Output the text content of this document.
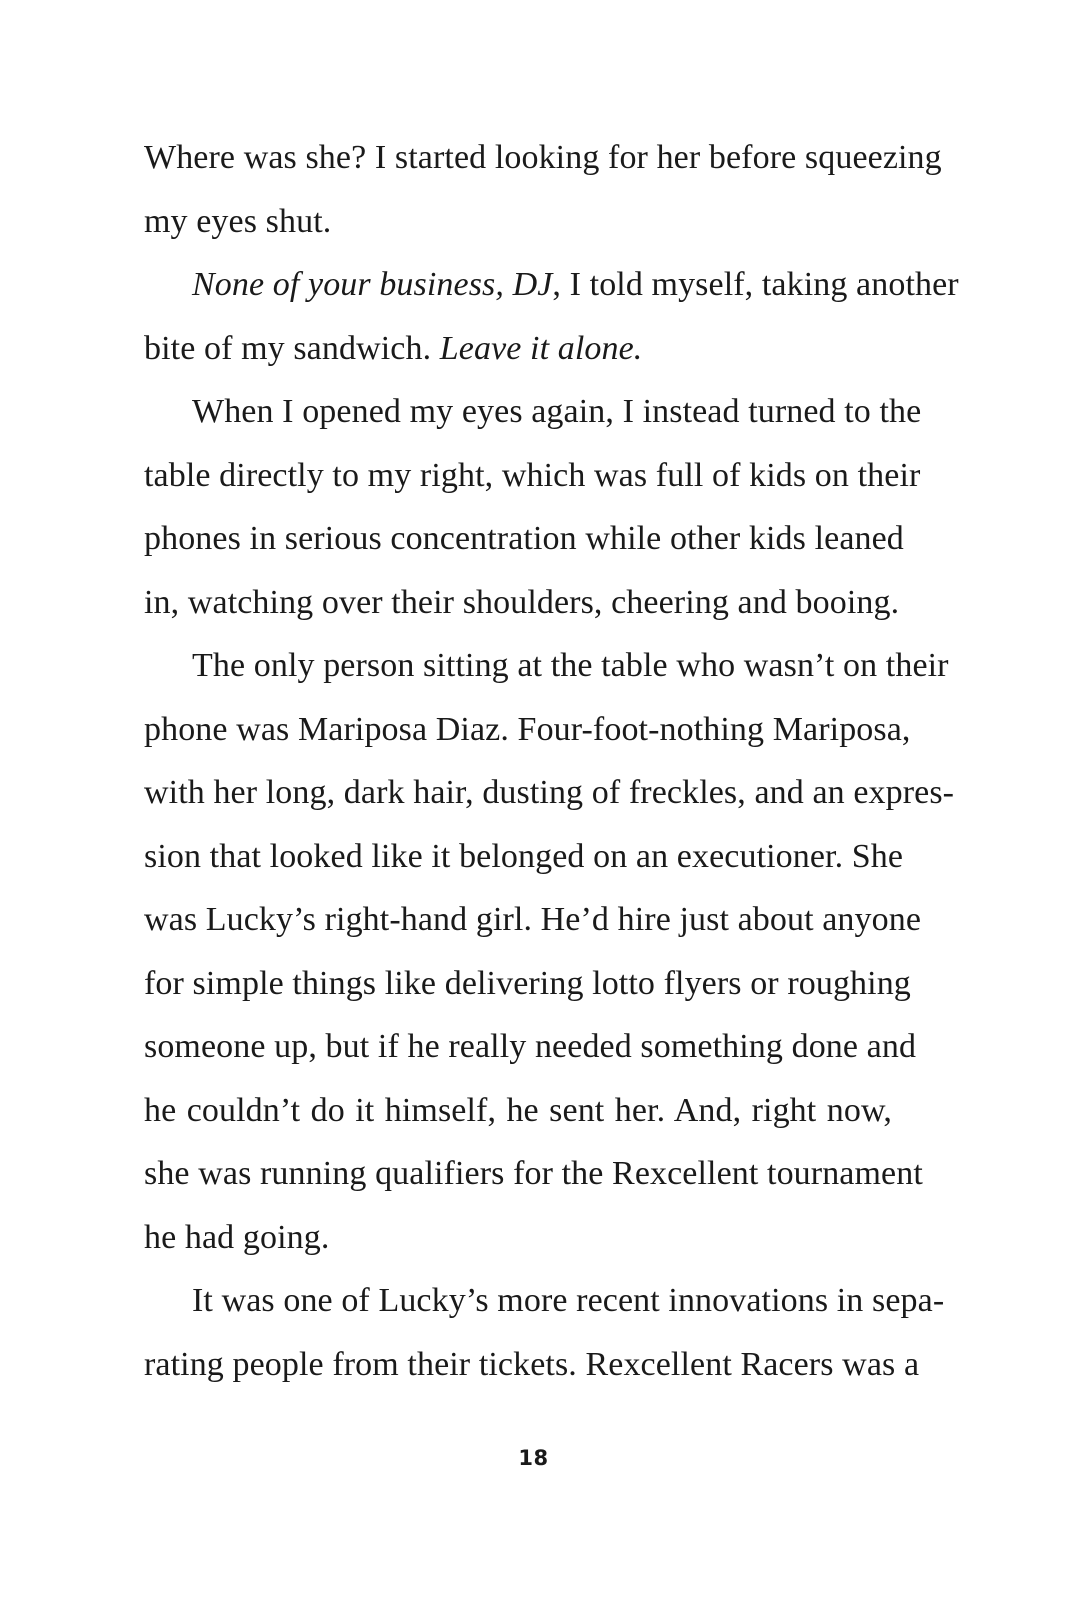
Where was she? I started looking for her before squeezing
my eyes shut.
None of your business, DJ, I told myself, taking another
bite of my sandwich. Leave it alone.
When I opened my eyes again, I instead turned to the
table directly to my right, which was full of kids on their
phones in serious concentration while other kids leaned
in, watching over their shoulders, cheering and booing.
The only person sitting at the table who wasn’t on their
phone was Mariposa Diaz. Four-foot-nothing Mariposa,
with her long, dark hair, dusting of freckles, and an expres-
sion that looked like it belonged on an executioner. She
was Lucky’s right-hand girl. He’d hire just about anyone
for simple things like delivering lotto flyers or roughing
someone up, but if he really needed something done and
he couldn’t do it himself, he sent her. And, right now,
she was running qualifiers for the Rexcellent tournament
he had going.
It was one of Lucky’s more recent innovations in sepa-
rating people from their tickets. Rexcellent Racers was a
18
